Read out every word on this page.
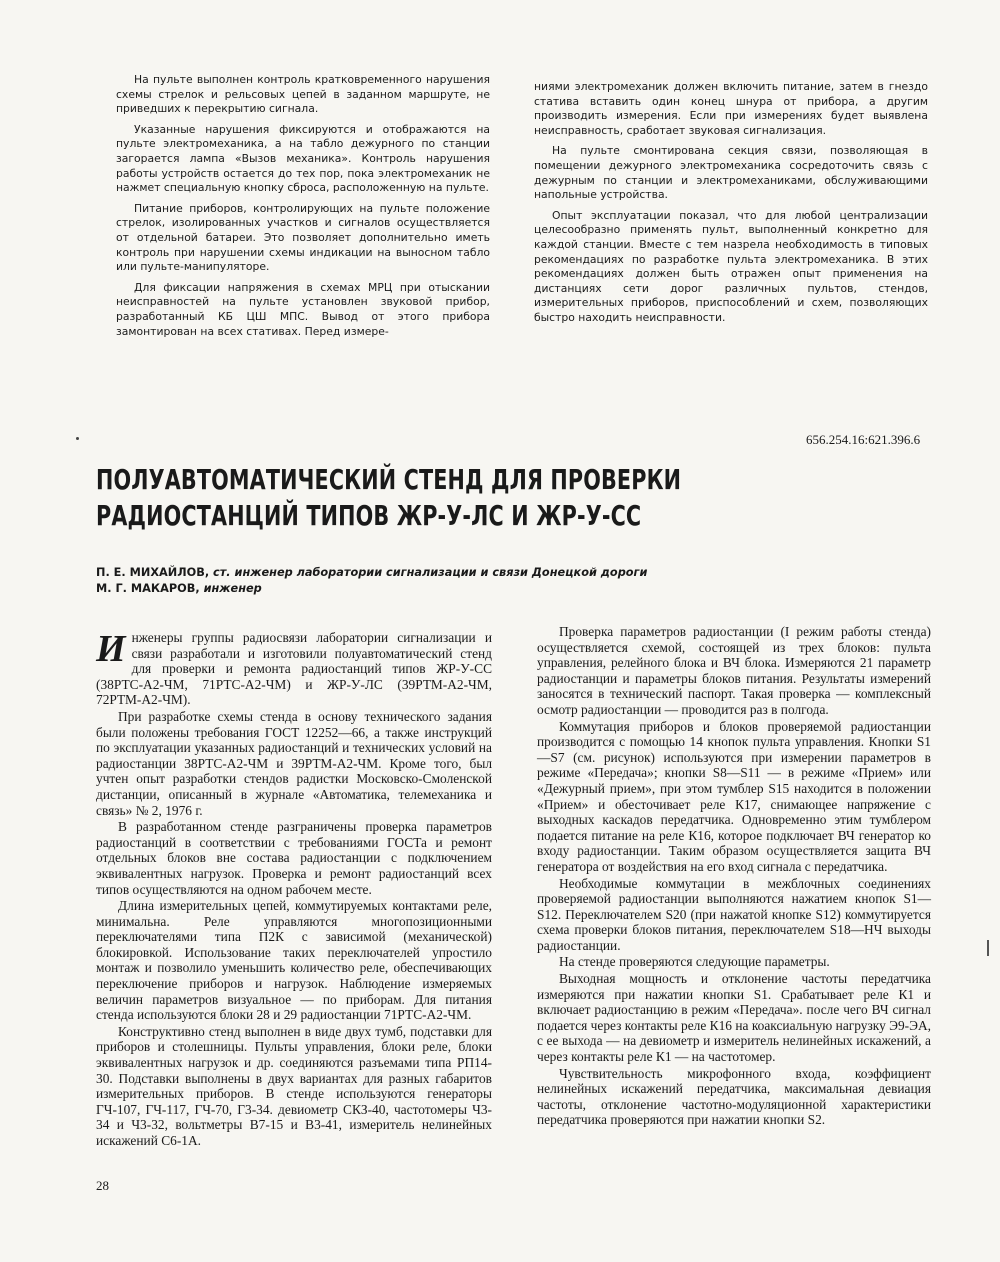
На пульте выполнен контроль кратковременного нарушения схемы стрелок и рельсовых цепей в заданном маршруте, не приведших к перекрытию сигнала.

Указанные нарушения фиксируются и отображаются на пульте электромеханика, а на табло дежурного по станции загорается лампа «Вызов механика». Контроль нарушения работы устройств остается до тех пор, пока электромеханик не нажмет специальную кнопку сброса, расположенную на пульте.

Питание приборов, контролирующих на пульте положение стрелок, изолированных участков и сигналов осуществляется от отдельной батареи. Это позволяет дополнительно иметь контроль при нарушении схемы индикации на выносном табло или пульте-манипуляторе.

Для фиксации напряжения в схемах МРЦ при отыскании неисправностей на пульте установлен звуковой прибор, разработанный КБ ЦШ МПС. Вывод от этого прибора замонтирован на всех стативах. Перед измере-

ниями электромеханик должен включить питание, затем в гнездо статива вставить один конец шнура от прибора, а другим производить измерения. Если при измерениях будет выявлена неисправность, сработает звуковая сигнализация.

На пульте смонтирована секция связи, позволяющая в помещении дежурного электромеханика сосредоточить связь с дежурным по станции и электромеханиками, обслуживающими напольные устройства.

Опыт эксплуатации показал, что для любой централизации целесообразно применять пульт, выполненный конкретно для каждой станции. Вместе с тем назрела необходимость в типовых рекомендациях по разработке пульта электромеханика. В этих рекомендациях должен быть отражен опыт применения на дистанциях сети дорог различных пультов, стендов, измерительных приборов, приспособлений и схем, позволяющих быстро находить неисправности.

656.254.16:621.396.6
ПОЛУАВТОМАТИЧЕСКИЙ СТЕНД ДЛЯ ПРОВЕРКИ
РАДИОСТАНЦИЙ ТИПОВ ЖР-У-ЛС И ЖР-У-СС
П. Е. МИХАЙЛОВ, ст. инженер лаборатории сигнализации и связи Донецкой дороги
М. Г. МАКАРОВ, инженер

Инженеры группы радиосвязи лаборатории сигнализации и связи разработали и изготовили полуавтоматический стенд для проверки и ремонта радиостанций типов ЖР-У-СС (38РТС-А2-ЧМ, 71РТС-А2-ЧМ) и ЖР-У-ЛС (39РТМ-А2-ЧМ, 72РТМ-А2-ЧМ).

При разработке схемы стенда в основу технического задания были положены требования ГОСТ 12252—66, а также инструкций по эксплуатации указанных радиостанций и технических условий на радиостанции 38РТС-А2-ЧМ и 39РТМ-А2-ЧМ. Кроме того, был учтен опыт разработки стендов радистки Московско-Смоленской дистанции, описанный в журнале «Автоматика, телемеханика и связь» № 2, 1976 г.

В разработанном стенде разграничены проверка параметров радиостанций в соответствии с требованиями ГОСТа и ремонт отдельных блоков вне состава радиостанции с подключением эквивалентных нагрузок. Проверка и ремонт радиостанций всех типов осуществляются на одном рабочем месте.

Длина измерительных цепей, коммутируемых контактами реле, минимальна. Реле управляются многопозиционными переключателями типа П2К с зависимой (механической) блокировкой. Использование таких переключателей упростило монтаж и позволило уменьшить количество реле, обеспечивающих переключение приборов и нагрузок. Наблюдение измеряемых величин параметров визуальное — по приборам. Для питания стенда используются блоки 28 и 29 радиостанции 71РТС-А2-ЧМ.

Конструктивно стенд выполнен в виде двух тумб, подставки для приборов и столешницы. Пульты управления, блоки реле, блоки эквивалентных нагрузок и др. соединяются разъемами типа РП14-30. Подставки выполнены в двух вариантах для разных габаритов измерительных приборов. В стенде используются генераторы ГЧ-107, ГЧ-117, ГЧ-70, Г3-34. девиометр СКЗ-40, частотомеры Ч3-34 и Ч3-32, вольтметры В7-15 и В3-41, измеритель нелинейных искажений С6-1А.

Проверка параметров радиостанции (I режим работы стенда) осуществляется схемой, состоящей из трех блоков: пульта управления, релейного блока и ВЧ блока. Измеряются 21 параметр радиостанции и параметры блоков питания. Результаты измерений заносятся в технический паспорт. Такая проверка — комплексный осмотр радиостанции — проводится раз в полгода.

Коммутация приборов и блоков проверяемой радиостанции производится с помощью 14 кнопок пульта управления. Кнопки S1—S7 (см. рисунок) используются при измерении параметров в режиме «Передача»; кнопки S8—S11 — в режиме «Прием» или «Дежурный прием», при этом тумблер S15 находится в положении «Прием» и обесточивает реле К17, снимающее напряжение с выходных каскадов передатчика. Одновременно этим тумблером подается питание на реле К16, которое подключает ВЧ генератор ко входу радиостанции. Таким образом осуществляется защита ВЧ генератора от воздействия на его вход сигнала с передатчика.

Необходимые коммутации в межблочных соединениях проверяемой радиостанции выполняются нажатием кнопок S1—S12. Переключателем S20 (при нажатой кнопке S12) коммутируется схема проверки блоков питания, переключателем S18—НЧ выходы радиостанции.

На стенде проверяются следующие параметры.

Выходная мощность и отклонение частоты передатчика измеряются при нажатии кнопки S1. Срабатывает реле К1 и включает радиостанцию в режим «Передача». после чего ВЧ сигнал подается через контакты реле К16 на коаксиальную нагрузку Э9-ЭА, с ее выхода — на девиометр и измеритель нелинейных искажений, а через контакты реле К1 — на частотомер.

Чувствительность микрофонного входа, коэффициент нелинейных искажений передатчика, максимальная девиация частоты, отклонение частотно-модуляционной характеристики передатчика проверяются при нажатии кнопки S2.

28
